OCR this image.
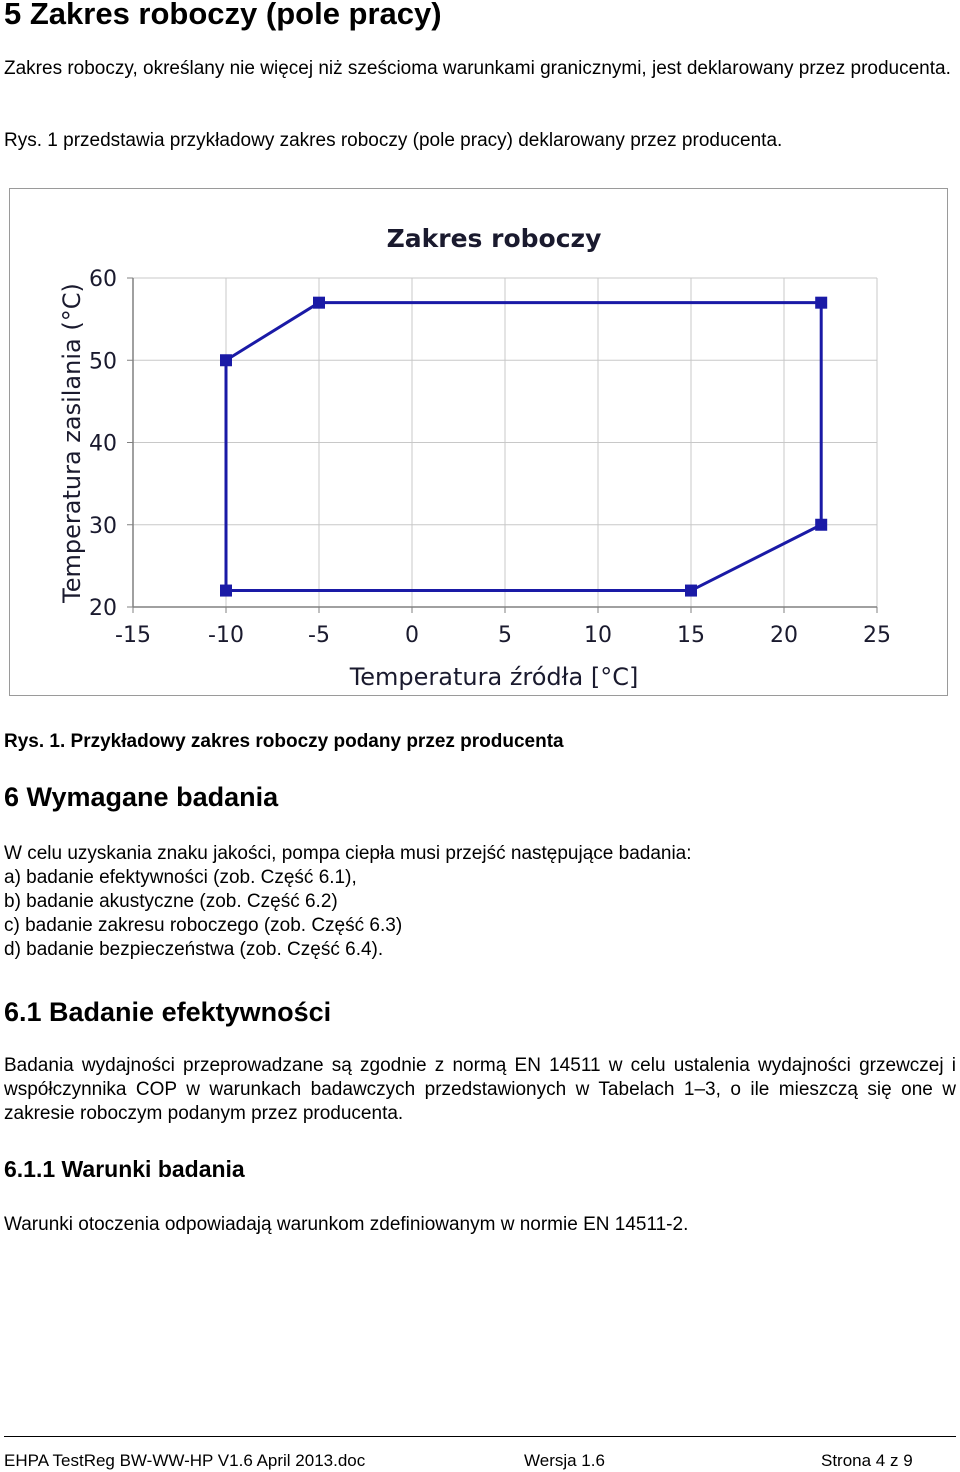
5 Zakres roboczy (pole pracy)

Zakres roboczy, określany nie więcej niż sześcioma warunkami granicznymi, jest deklarowany przez producenta.

Rys. 1 przedstawia przykładowy zakres roboczy (pole pracy) deklarowany przez producenta.

Zakres roboczy
-15	-10	-5	0	5	10	15	20	25
20
30
40
50
60
Temperatura źródła [°C]
Temperatura zasilania (°C)

Rys. 1. Przykładowy zakres roboczy podany przez producenta

6 Wymagane badania

W celu uzyskania znaku jakości, pompa ciepła musi przejść następujące badania:

a) badanie efektywności (zob. Część 6.1),
b) badanie akustyczne (zob. Część 6.2)
c) badanie zakresu roboczego (zob. Część 6.3)
d) badanie bezpieczeństwa (zob. Część 6.4).
6.1 Badanie efektywności

Badania wydajności przeprowadzane są zgodnie z normą EN 14511 w celu ustalenia wydajności grzewczej i współczynnika COP w warunkach badawczych przedstawionych w Tabelach 1–3, o ile mieszczą się one w zakresie roboczym podanym przez producenta.

6.1.1 Warunki badania

Warunki otoczenia odpowiadają warunkom zdefiniowanym w normie EN 14511-2.

EHPA TestReg BW-WW-HP V1.6 April 2013.doc	Wersja 1.6	Strona 4 z 9
